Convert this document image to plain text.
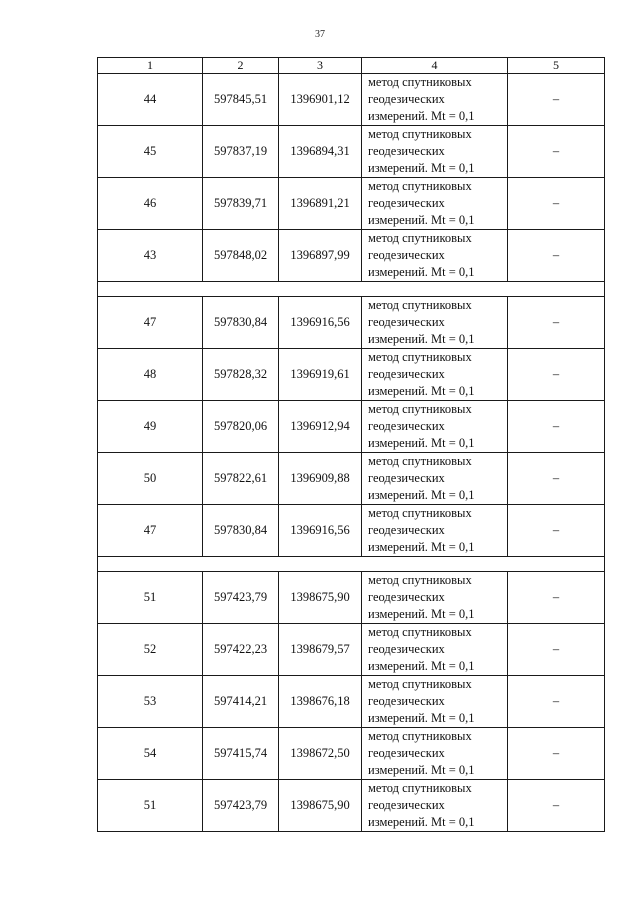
37
1	2	3	4	5
44	597845,51	1396901,12	метод спутниковых
геодезических
измерений. Mt = 0,1	–
45	597837,19	1396894,31	метод спутниковых
геодезических
измерений. Mt = 0,1	–
46	597839,71	1396891,21	метод спутниковых
геодезических
измерений. Mt = 0,1	–
43	597848,02	1396897,99	метод спутниковых
геодезических
измерений. Mt = 0,1	–

47	597830,84	1396916,56	метод спутниковых
геодезических
измерений. Mt = 0,1	–
48	597828,32	1396919,61	метод спутниковых
геодезических
измерений. Mt = 0,1	–
49	597820,06	1396912,94	метод спутниковых
геодезических
измерений. Mt = 0,1	–
50	597822,61	1396909,88	метод спутниковых
геодезических
измерений. Mt = 0,1	–
47	597830,84	1396916,56	метод спутниковых
геодезических
измерений. Mt = 0,1	–

51	597423,79	1398675,90	метод спутниковых
геодезических
измерений. Mt = 0,1	–
52	597422,23	1398679,57	метод спутниковых
геодезических
измерений. Mt = 0,1	–
53	597414,21	1398676,18	метод спутниковых
геодезических
измерений. Mt = 0,1	–
54	597415,74	1398672,50	метод спутниковых
геодезических
измерений. Mt = 0,1	–
51	597423,79	1398675,90	метод спутниковых
геодезических
измерений. Mt = 0,1	–
